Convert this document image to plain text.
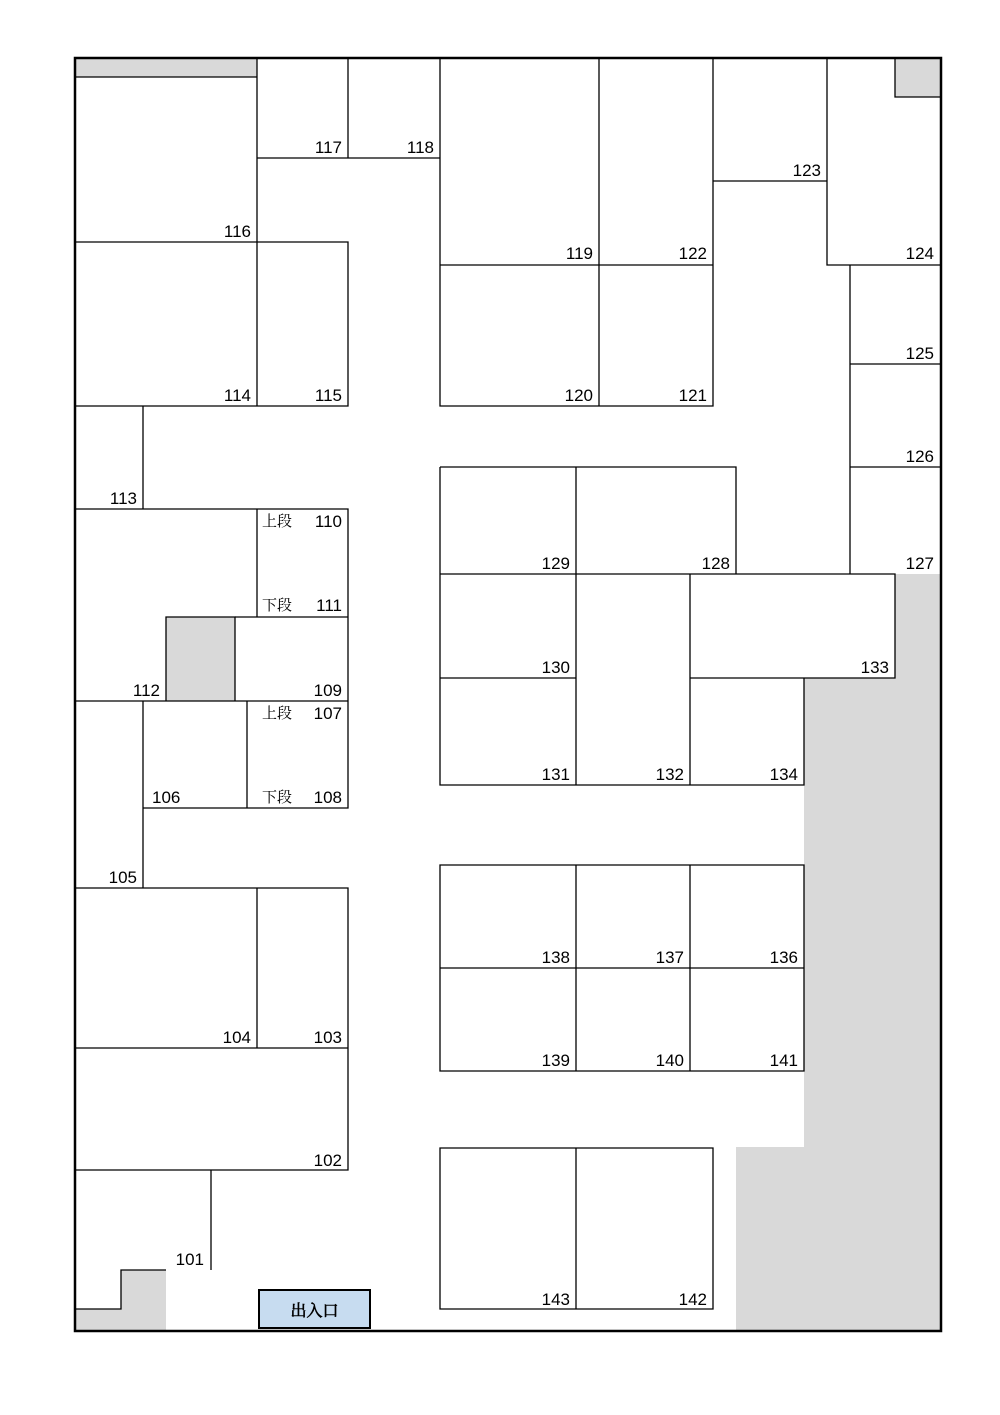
101
102
103
104
105
106
107
108
109
110
111
112
113
114	115
116
117	118
119
120	121
122
123
124
125
126
127
128
129
130
131	132
133
134
136
137
138
139	140	141
142
143
上段
下段
上段
下段
出入口
